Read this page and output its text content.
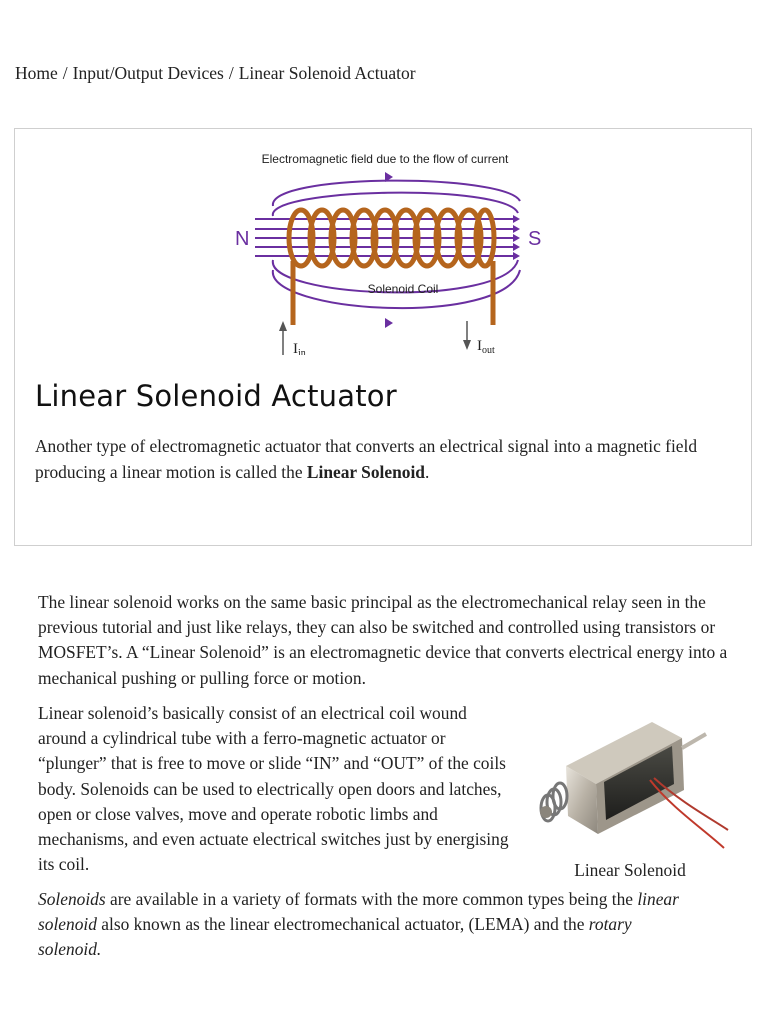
Home / Input/Output Devices / Linear Solenoid Actuator
Electromagnetic field due to the flow of current
N	S
Solenoid Coil
$I_{in}$	$I_{out}$
Linear Solenoid Actuator

Another type of electromagnetic actuator that converts an electrical signal into a magnetic field producing a linear motion is called the Linear Solenoid.

The linear solenoid works on the same basic principal as the electromechanical relay seen in the previous tutorial and just like relays, they can also be switched and controlled using transistors or MOSFET’s. A “Linear Solenoid” is an electromagnetic device that converts electrical energy into a mechanical pushing or pulling force or motion.

Linear solenoid’s basically consist of an electrical coil wound around a cylindrical tube with a ferro-magnetic actuator or “plunger” that is free to move or slide “IN” and “OUT” of the coils body. Solenoids can be used to electrically open doors and latches, open or close valves, move and operate robotic limbs and mechanisms, and even actuate electrical switches just by energising its coil.	Linear Solenoid

Solenoids are available in a variety of formats with the more common types being the linear solenoid also known as the linear electromechanical actuator, (LEMA) and the rotary solenoid.
